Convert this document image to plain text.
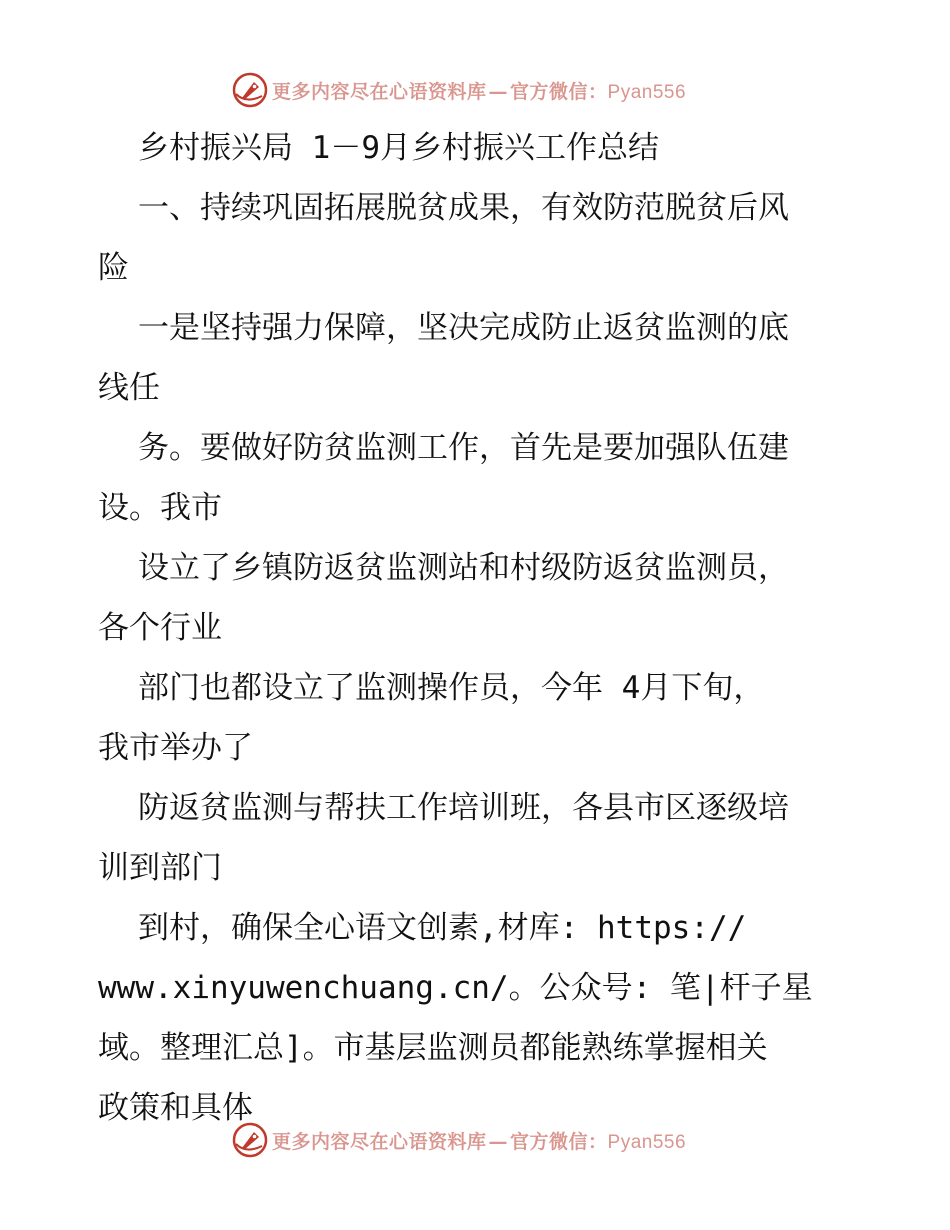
更多内容尽在心语资料库 — 官方微信：Pyan556
乡村振兴局 1－9月乡村振兴工作总结
一、持续巩固拓展脱贫成果，有效防范脱贫后风
险
一是坚持强力保障，坚决完成防止返贫监测的底
线任
务。要做好防贫监测工作，首先是要加强队伍建
设。我市
设立了乡镇防返贫监测站和村级防返贫监测员，
各个行业
部门也都设立了监测操作员，今年 4月下旬，
我市举办了
防返贫监测与帮扶工作培训班，各县市区逐级培
训到部门
到村，确保全心语文创素,材库: https://
www.xinyuwenchuang.cn/。公众号: 笔|杆子星
域。整理汇总]。市基层监测员都能熟练掌握相关
政策和具体
更多内容尽在心语资料库 — 官方微信：Pyan556
